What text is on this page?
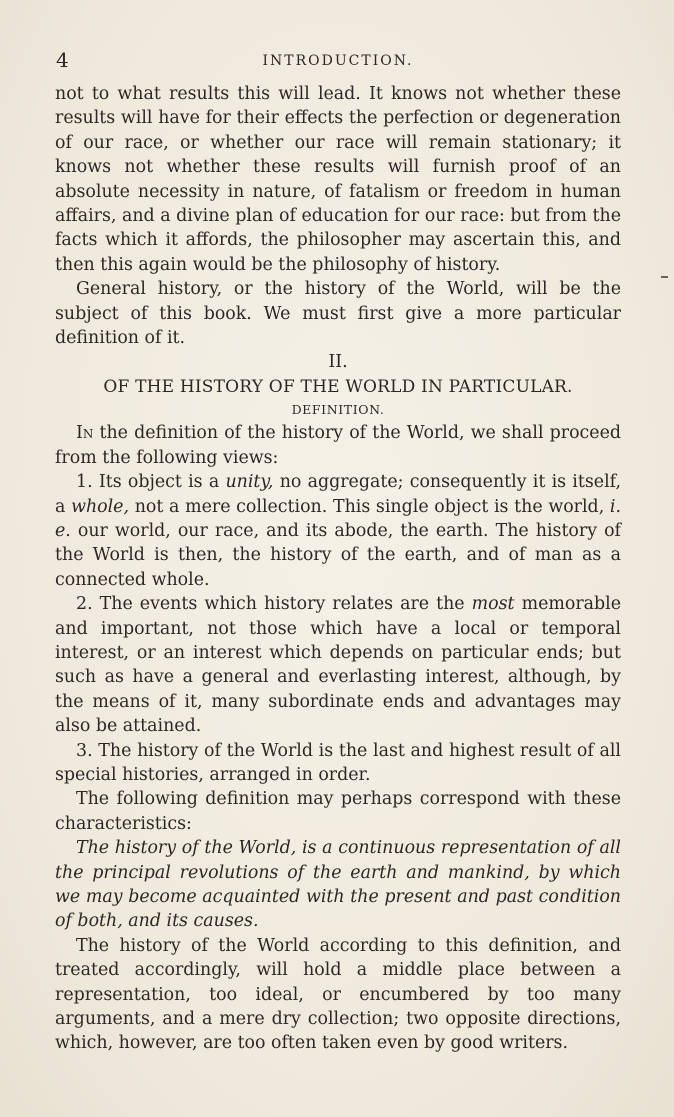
4	INTRODUCTION.

not to what results this will lead. It knows not whether these results will have for their effects the perfection or degeneration of our race, or whether our race will remain stationary; it knows not whether these results will furnish proof of an absolute necessity in nature, of fatalism or freedom in human affairs, and a divine plan of education for our race: but from the facts which it affords, the philosopher may ascertain this, and then this again would be the philosophy of history.

General history, or the history of the World, will be the subject of this book. We must first give a more particular definition of it.

II.
OF THE HISTORY OF THE WORLD IN PARTICULAR.
DEFINITION.

In the definition of the history of the World, we shall proceed from the following views:

1. Its object is a unity, no aggregate; consequently it is itself, a whole, not a mere collection. This single object is the world, i. e. our world, our race, and its abode, the earth. The history of the World is then, the history of the earth, and of man as a connected whole.

2. The events which history relates are the most memorable and important, not those which have a local or temporal interest, or an interest which depends on particular ends; but such as have a general and everlasting interest, although, by the means of it, many subordinate ends and advantages may also be attained.

3. The history of the World is the last and highest result of all special histories, arranged in order.

The following definition may perhaps correspond with these characteristics:

The history of the World, is a continuous representation of all the principal revolutions of the earth and mankind, by which we may become acquainted with the present and past condition of both, and its causes.

The history of the World according to this definition, and treated accordingly, will hold a middle place between a representation, too ideal, or encumbered by too many arguments, and a mere dry collection; two opposite directions, which, however, are too often taken even by good writers.
